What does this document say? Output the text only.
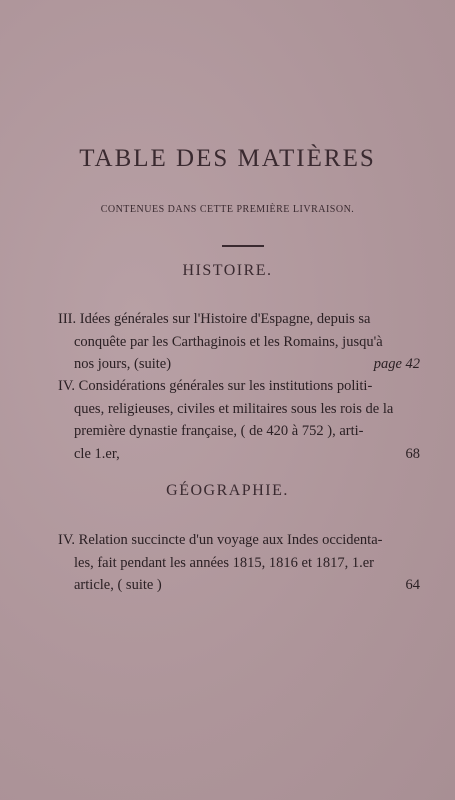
TABLE DES MATIÈRES
CONTENUES DANS CETTE PREMIÈRE LIVRAISON.
HISTOIRE.
III. Idées générales sur l'Histoire d'Espagne, depuis sa
conquête par les Carthaginois et les Romains, jusqu'à
nos jours, (suite)	page 42
IV. Considérations générales sur les institutions politi-
ques, religieuses, civiles et militaires sous les rois de la
première dynastie française, ( de 420 à 752 ), arti-
cle 1.er,	68
GÉOGRAPHIE.
IV. Relation succincte d'un voyage aux Indes occidenta-
les, fait pendant les années 1815, 1816 et 1817, 1.er
article, ( suite )	64
